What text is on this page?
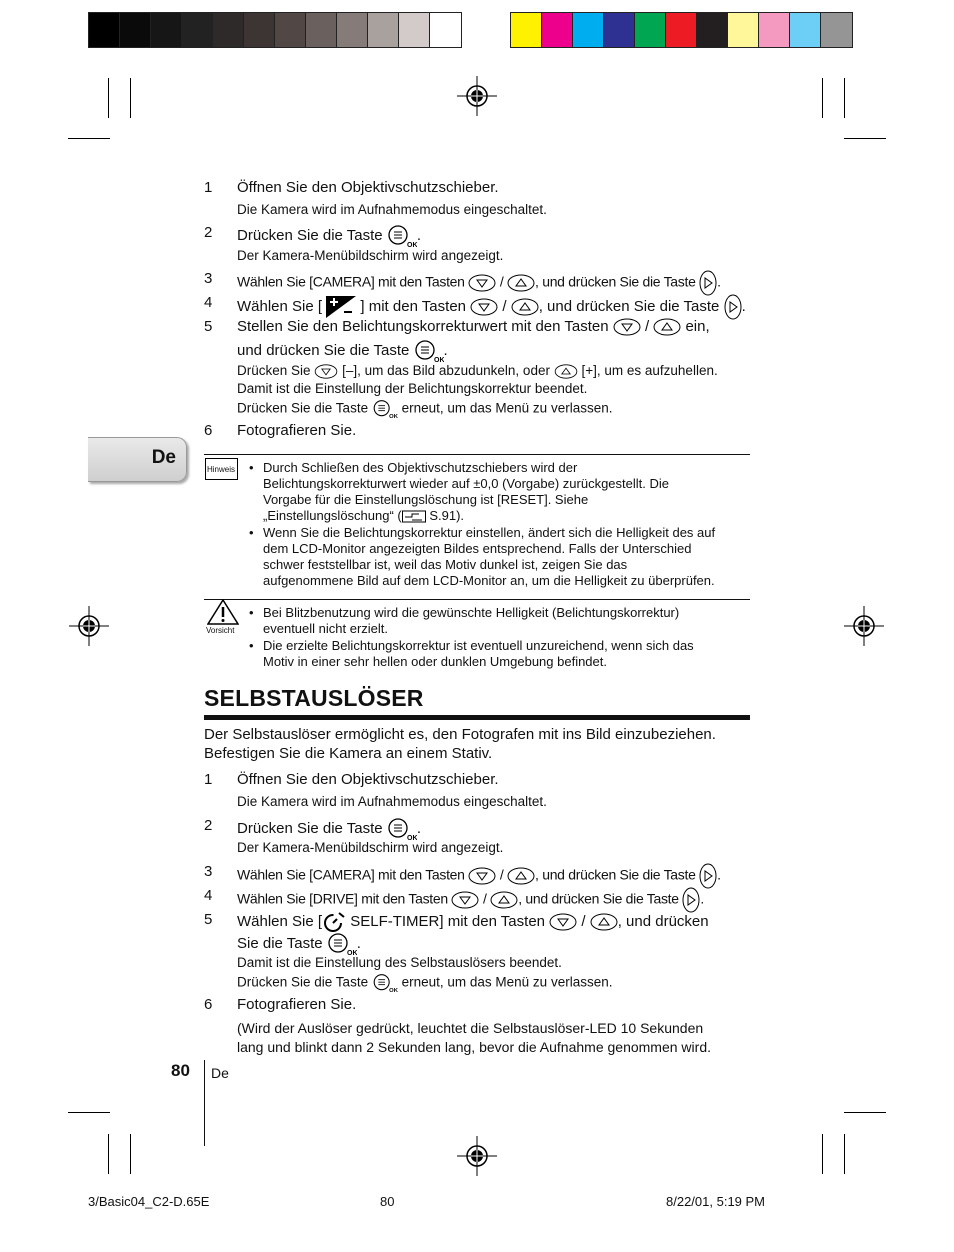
De
1 Öffnen Sie den Objektivschutzschieber.
Die Kamera wird im Aufnahmemodus eingeschaltet.
2 Drücken Sie die Taste
OK
.
Der Kamera-Menübildschirm wird angezeigt.
3 Wählen Sie [CAMERA] mit den Tasten	/ , und drücken Sie die Taste .
4 Wählen Sie [	] mit den Tasten / , und drücken Sie die Taste .
5 Stellen Sie den Belichtungskorrekturwert mit den Tasten / ein,
und drücken Sie die Taste
OK
.
Drücken Sie [–], um das Bild abzudunkeln, oder [+], um es aufzuhellen.
Damit ist die Einstellung der Belichtungskorrektur beendet.
Drücken Sie die Taste
OK
erneut, um das Menü zu verlassen.
6 Fotografieren Sie.
Hinweis • Durch Schließen des Objektivschutzschiebers wird der
Belichtungskorrekturwert wieder auf ±0,0 (Vorgabe) zurückgestellt. Die
Vorgabe für die Einstellungslöschung ist [RESET]. Siehe
„Einstellungslöschung“ ( S.91).
• Wenn Sie die Belichtungskorrektur einstellen, ändert sich die Helligkeit des auf
dem LCD-Monitor angezeigten Bildes entsprechend. Falls der Unterschied
schwer feststellbar ist, weil das Motiv dunkel ist, zeigen Sie das
aufgenommene Bild auf dem LCD-Monitor an, um die Helligkeit zu überprüfen.
Vorsicht
• Bei Blitzbenutzung wird die gewünschte Helligkeit (Belichtungskorrektur)
eventuell nicht erzielt.
• Die erzielte Belichtungskorrektur ist eventuell unzureichend, wenn sich das
Motiv in einer sehr hellen oder dunklen Umgebung befindet.
SELBSTAUSLÖSER
Der Selbstauslöser ermöglicht es, den Fotografen mit ins Bild einzubeziehen.
Befestigen Sie die Kamera an einem Stativ.
1 Öffnen Sie den Objektivschutzschieber.
Die Kamera wird im Aufnahmemodus eingeschaltet.
2 Drücken Sie die Taste
OK
.
Der Kamera-Menübildschirm wird angezeigt.
3 Wählen Sie [CAMERA] mit den Tasten	/ , und drücken Sie die Taste .
4 Wählen Sie [DRIVE] mit den Tasten	/ , und drücken Sie die Taste .
5 Wählen Sie [ SELF-TIMER] mit den Tasten / , und drücken
Sie die Taste
OK
.
Damit ist die Einstellung des Selbstauslösers beendet.
Drücken Sie die Taste
OK
erneut, um das Menü zu verlassen.
6 Fotografieren Sie.
(Wird der Auslöser gedrückt, leuchtet die Selbstauslöser-LED 10 Sekunden
lang und blinkt dann 2 Sekunden lang, bevor die Aufnahme genommen wird.
80 De
3/Basic04_C2-D.65E	80	8/22/01, 5:19 PM
